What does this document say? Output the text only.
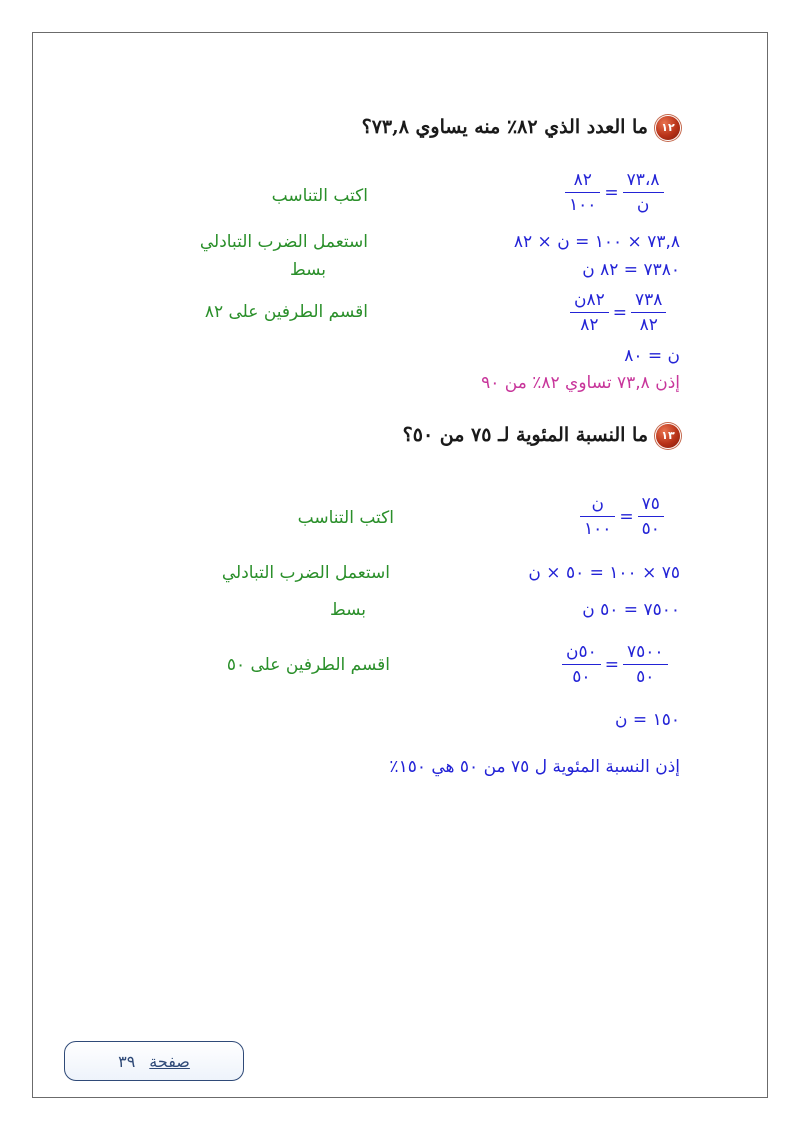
١٢ما العدد الذي ٨٢٪ منه يساوي ٧٣,٨؟
$\frac{٨٢}{١٠٠} = \frac{٧٣،٨}{\text{ن}}$
اكتب التناسب
٧٣,٨ × ١٠٠ = ن × ٨٢
استعمل الضرب التبادلي
٧٣٨٠ = ٨٢ ن
بسط
$\frac{\text{٨٢ن}}{٨٢} = \frac{٧٣٨}{٨٢}$
اقسم الطرفين على ٨٢
ن = ٨٠
إذن ٧٣,٨ تساوي ٨٢٪ من ٩٠
١٣ما النسبة المئوية لـ ٧٥ من ٥٠؟
$\frac{\text{ن}}{١٠٠} = \frac{٧٥}{٥٠}$
اكتب التناسب
٧٥ × ١٠٠ = ٥٠ × ن
استعمل الضرب التبادلي
٧٥٠٠ = ٥٠ ن
بسط
$\frac{\text{٥٠ن}}{٥٠} = \frac{٧٥٠٠}{٥٠}$
اقسم الطرفين على ٥٠
١٥٠ = ن
إذن النسبة المئوية ل ٧٥ من ٥٠ هي ١٥٠٪
صفحة
٣٩
